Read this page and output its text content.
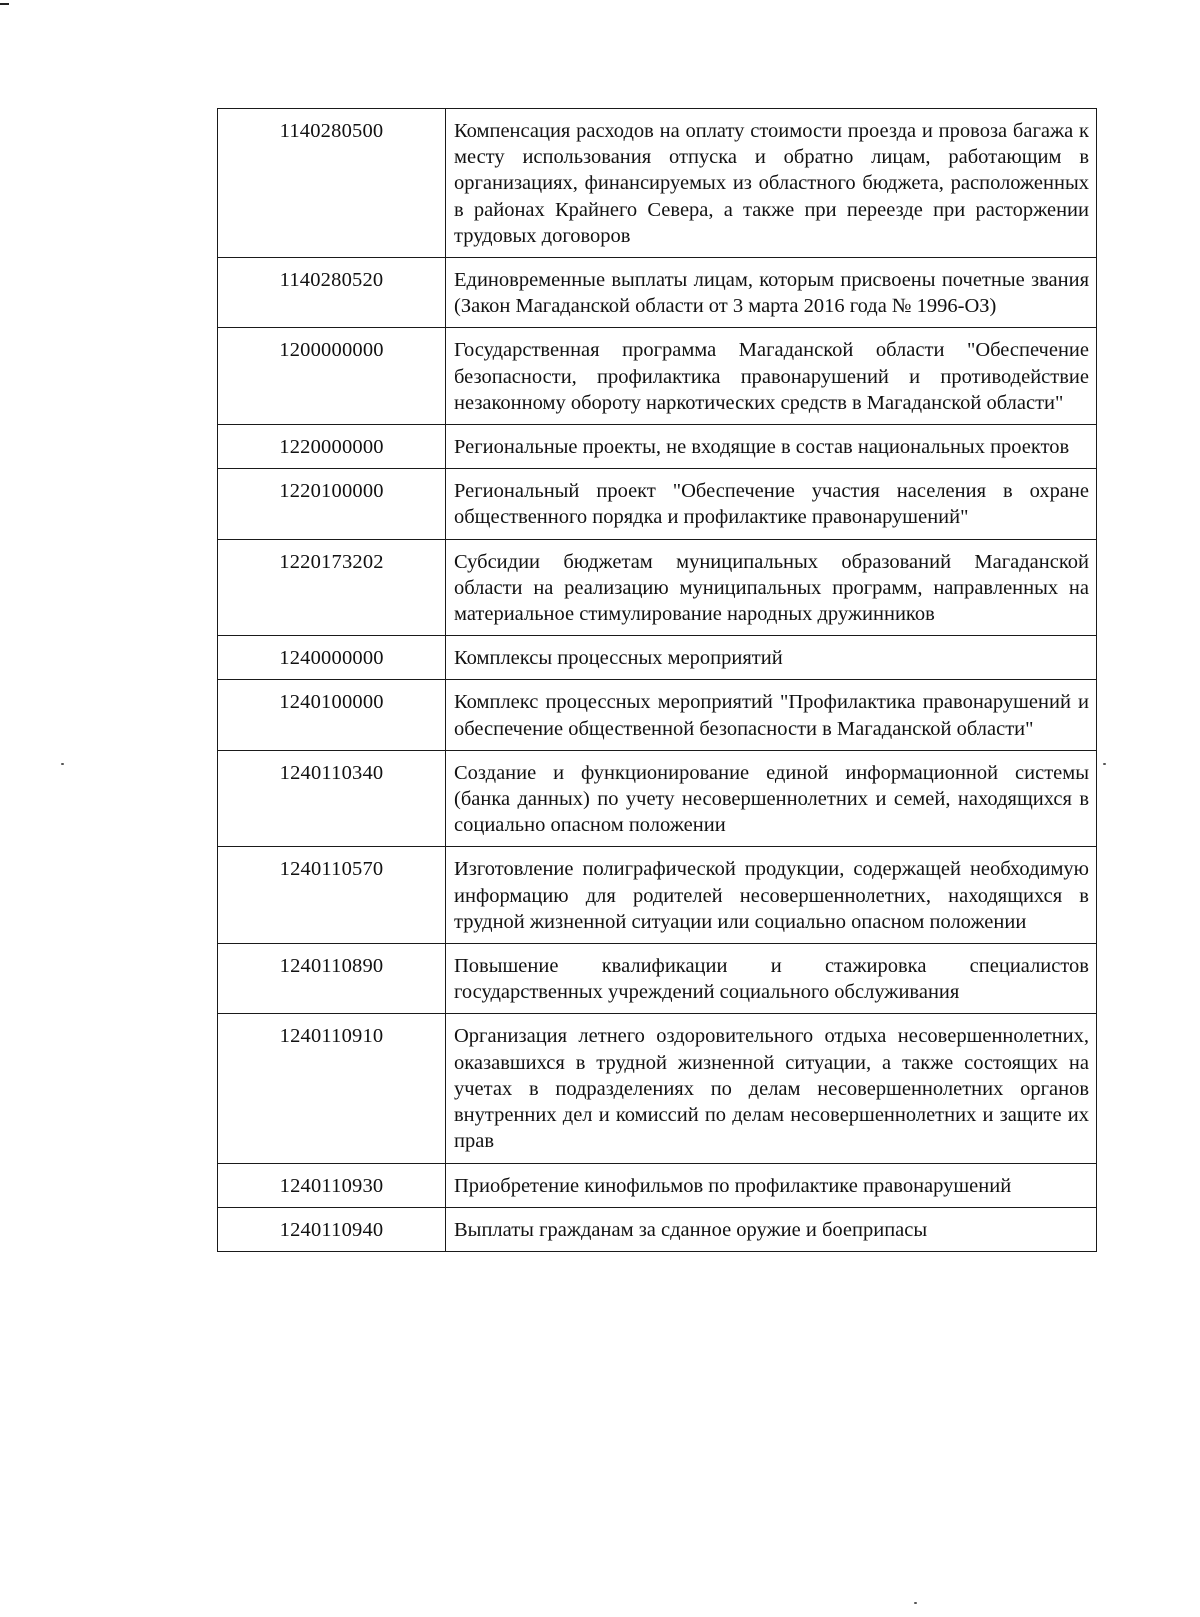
1140280500	Компенсация расходов на оплату стоимости проезда и провоза багажа к месту использования отпуска и обратно лицам, работающим в организациях, финансируемых из областного бюджета, расположенных в районах Крайнего Севера, а также при переезде при расторжении трудовых договоров
1140280520	Единовременные выплаты лицам, которым присвоены почетные звания (Закон Магаданской области от 3 марта 2016 года № 1996-ОЗ)
1200000000	Государственная программа Магаданской области "Обеспечение безопасности, профилактика правонарушений и противодействие незаконному обороту наркотических средств в Магаданской области"
1220000000	Региональные проекты, не входящие в состав национальных проектов
1220100000	Региональный проект "Обеспечение участия населения в охране общественного порядка и профилактике правонарушений"
1220173202	Субсидии бюджетам муниципальных образований Магаданской области на реализацию муниципальных программ, направленных на материальное стимулирование народных дружинников
1240000000	Комплексы процессных мероприятий
1240100000	Комплекс процессных мероприятий "Профилактика правонарушений и обеспечение общественной безопасности в Магаданской области"
1240110340	Создание и функционирование единой информационной системы (банка данных) по учету несовершеннолетних и семей, находящихся в социально опасном положении
1240110570	Изготовление полиграфической продукции, содержащей необходимую информацию для родителей несовершеннолетних, находящихся в трудной жизненной ситуации или социально опасном положении
1240110890	Повышение квалификации и стажировка специалистов государственных учреждений социального обслуживания
1240110910	Организация летнего оздоровительного отдыха несовершеннолетних, оказавшихся в трудной жизненной ситуации, а также состоящих на учетах в подразделениях по делам несовершеннолетних органов внутренних дел и комиссий по делам несовершеннолетних и защите их прав
1240110930	Приобретение кинофильмов по профилактике правонарушений
1240110940	Выплаты гражданам за сданное оружие и боеприпасы
